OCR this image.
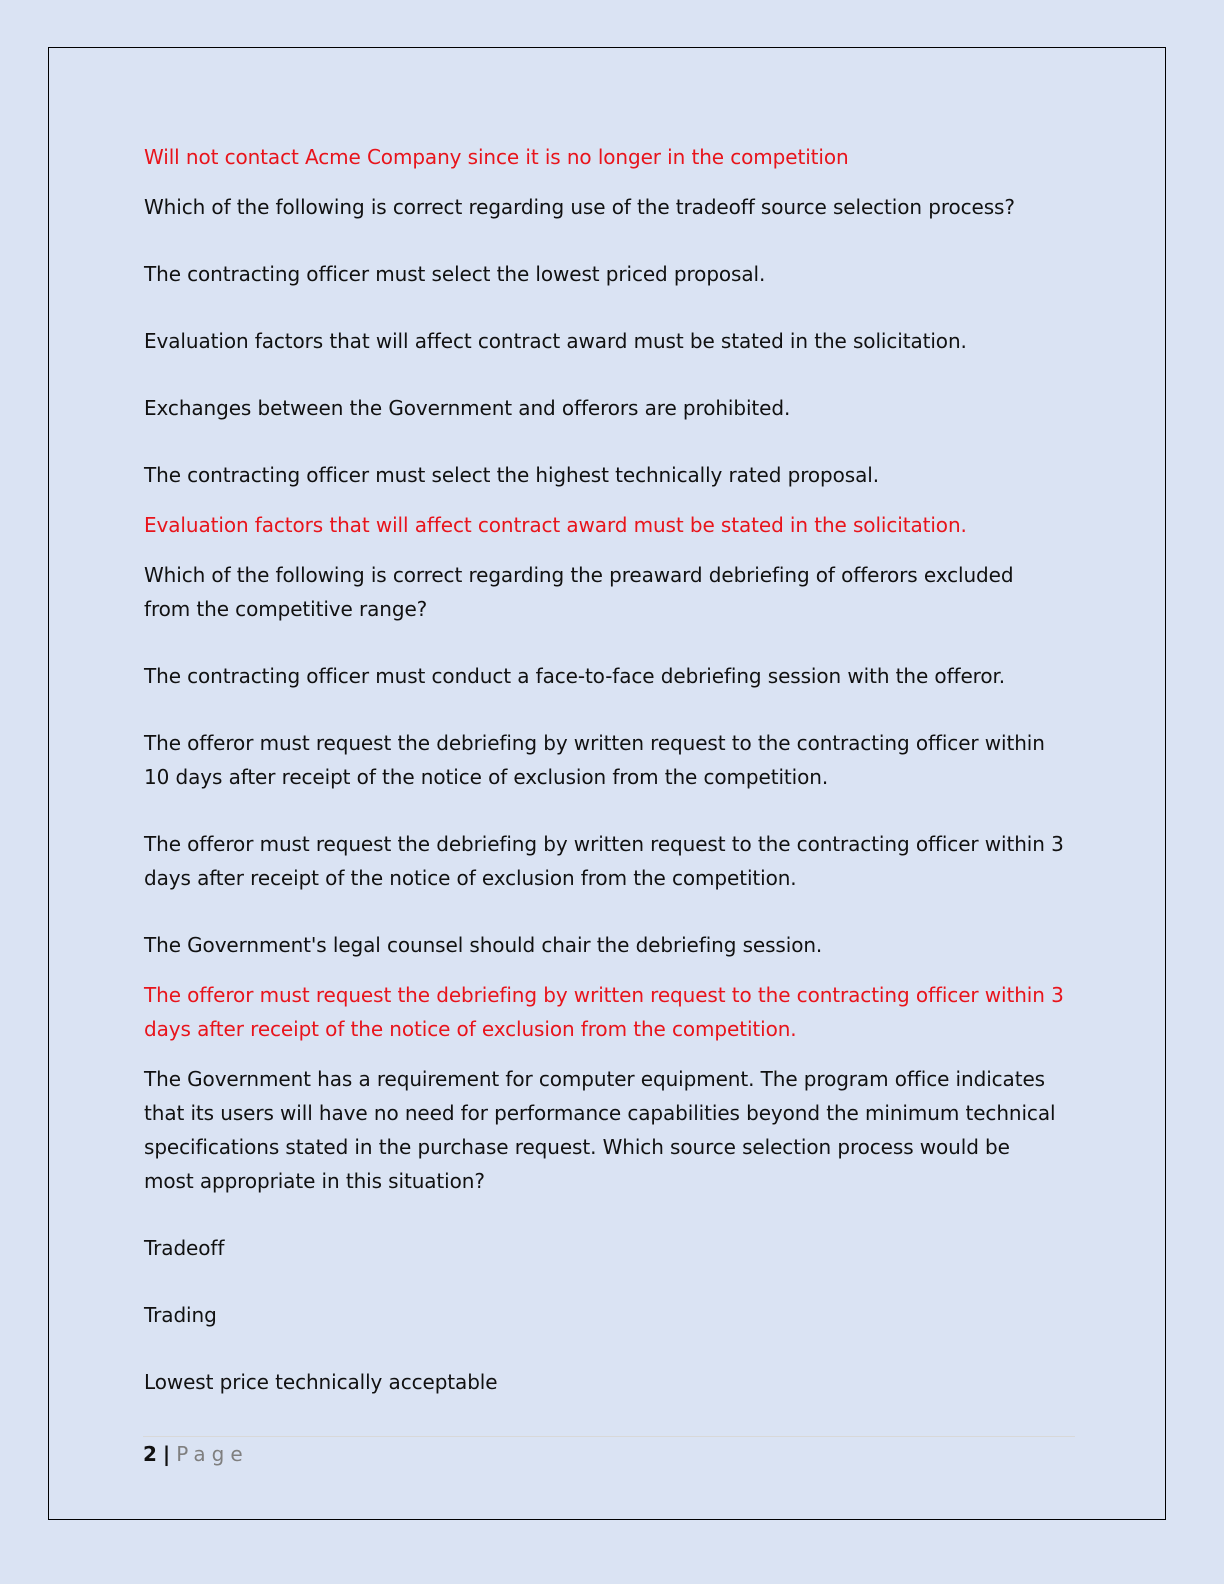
Will not contact Acme Company since it is no longer in the competition

Which of the following is correct regarding use of the tradeoff source selection process?

The contracting officer must select the lowest priced proposal.

Evaluation factors that will affect contract award must be stated in the solicitation.

Exchanges between the Government and offerors are prohibited.

The contracting officer must select the highest technically rated proposal.

Evaluation factors that will affect contract award must be stated in the solicitation.

Which of the following is correct regarding the preaward debriefing of offerors excluded from the competitive range?

The contracting officer must conduct a face-to-face debriefing session with the offeror.

The offeror must request the debriefing by written request to the contracting officer within 10 days after receipt of the notice of exclusion from the competition.

The offeror must request the debriefing by written request to the contracting officer within 3 days after receipt of the notice of exclusion from the competition.

The Government's legal counsel should chair the debriefing session.

The offeror must request the debriefing by written request to the contracting officer within 3 days after receipt of the notice of exclusion from the competition.

The Government has a requirement for computer equipment. The program office indicates that its users will have no need for performance capabilities beyond the minimum technical specifications stated in the purchase request. Which source selection process would be most appropriate in this situation?

Tradeoff

Trading

Lowest price technically acceptable

2 | Page
